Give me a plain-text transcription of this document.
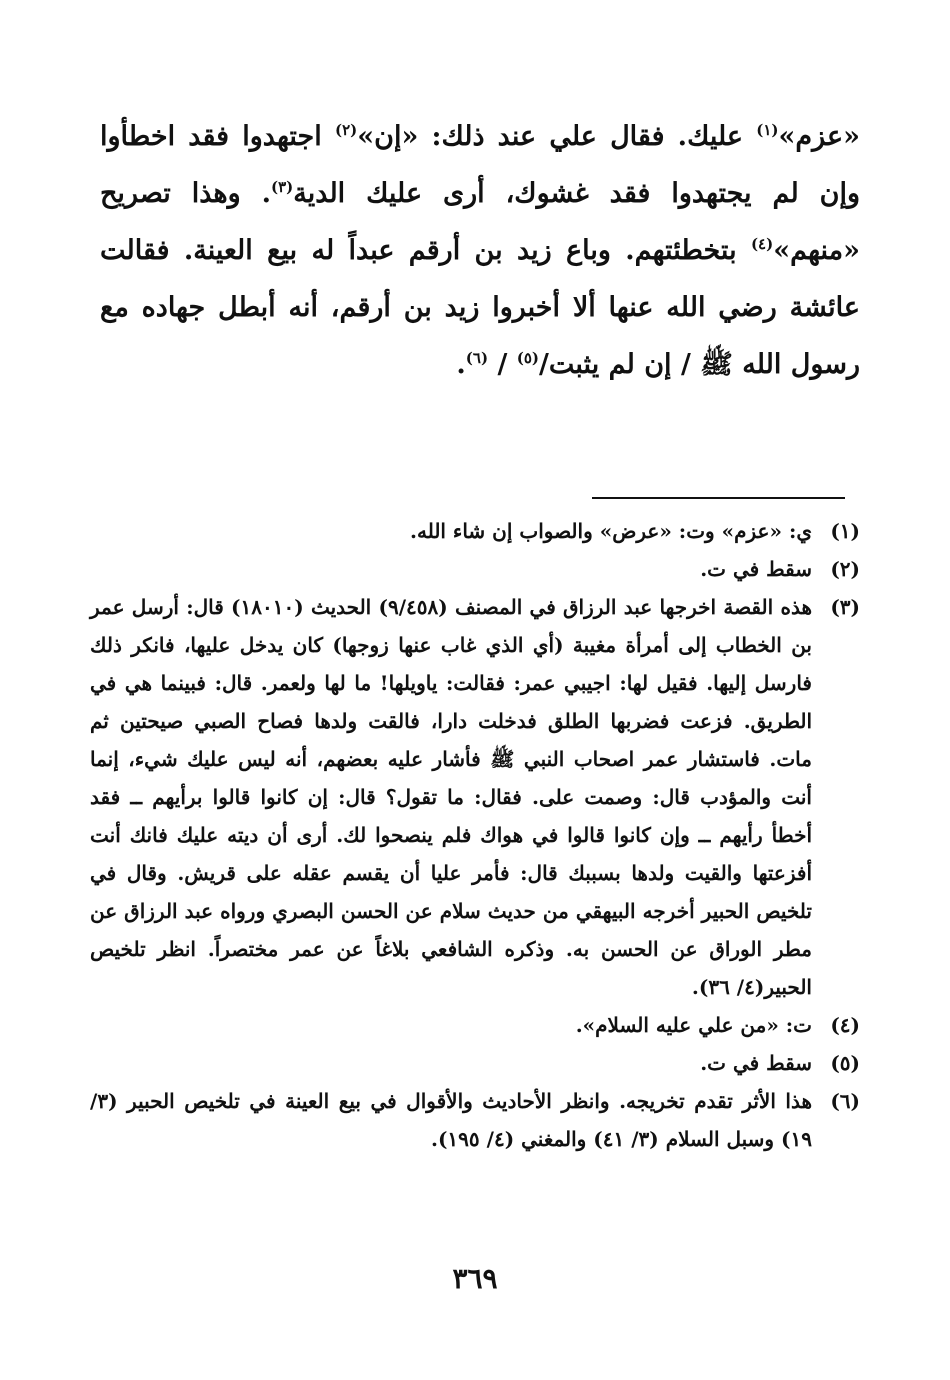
«عزم»$^{(١)}$ عليك. فقال علي عند ذلك: «إن»$^{(٢)}$ اجتهدوا فقد اخطأوا وإن لم يجتهدوا فقد غشوك، أرى عليك الدية$^{(٣)}$. وهذا تصريح «منهم»$^{(٤)}$ بتخطئتهم. وباع زيد بن أرقم عبداً له بيع العينة. فقالت عائشة رضي الله عنها ألا أخبروا زيد بن أرقم، أنه أبطل جهاده مع رسول الله ﷺ / إن لم يثبت/$^{(٥)}$ / $^{(٦)}$.

(١)
ي: «عزم» وت: «عرض» والصواب إن شاء الله.
(٢)
سقط في ت.
(٣)
هذه القصة اخرجها عبد الرزاق في المصنف (٩/٤٥٨) الحديث (١٨٠١٠) قال: أرسل عمر بن الخطاب إلى أمرأة مغيبة (أي الذي غاب عنها زوجها) كان يدخل عليها، فانكر ذلك فارسل إليها. فقيل لها: اجيبي عمر: فقالت: ياويلها! ما لها ولعمر. قال: فبينما هي في الطريق. فزعت فضربها الطلق فدخلت دارا، فالقت ولدها فصاح الصبي صيحتين ثم مات. فاستشار عمر اصحاب النبي ﷺ فأشار عليه بعضهم، أنه ليس عليك شيء، إنما أنت والمؤدب قال: وصمت على. فقال: ما تقول؟ قال: إن كانوا قالوا برأيهم ــ فقد أخطأ رأيهم ــ وإن كانوا قالوا في هواك فلم ينصحوا لك. أرى أن ديته عليك فانك أنت أفزعتها والقيت ولدها بسببك قال: فأمر عليا أن يقسم عقله على قريش. وقال في تلخيص الحبير أخرجه البيهقي من حديث سلام عن الحسن البصري ورواه عبد الرزاق عن مطر الوراق عن الحسن به. وذكره الشافعي بلاغاً عن عمر مختصراً. انظر تلخيص الحبير(٤/ ٣٦).
(٤)
ت: «من علي عليه السلام».
(٥)
سقط في ت.
(٦)
هذا الأثر تقدم تخريجه. وانظر الأحاديث والأقوال في بيع العينة في تلخيص الحبير (٣/ ١٩) وسبل السلام (٣/ ٤١) والمغني (٤/ ١٩٥).
٣٦٩
